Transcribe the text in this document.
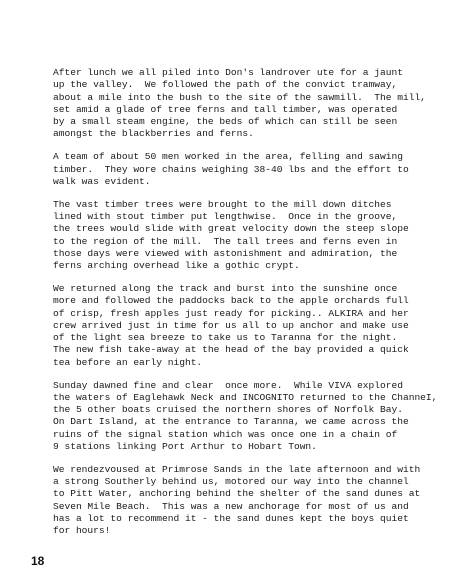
After lunch we all piled into Don's landrover ute for a jaunt
up the valley.  We followed the path of the convict tramway,
about a mile into the bush to the site of the sawmill.  The mill,
set amid a glade of tree ferns and tall timber, was operated
by a small steam engine, the beds of which can still be seen
amongst the blackberries and ferns.
A team of about 50 men worked in the area, felling and sawing
timber.  They wore chains weighing 38-40 lbs and the effort to
walk was evident.
The vast timber trees were brought to the mill down ditches
lined with stout timber put lengthwise.  Once in the groove,
the trees would slide with great velocity down the steep slope
to the region of the mill.  The tall trees and ferns even in
those days were viewed with astonishment and admiration, the
ferns arching overhead like a gothic crypt.
We returned along the track and burst into the sunshine once
more and followed the paddocks back to the apple orchards full
of crisp, fresh apples just ready for picking.. ALKIRA and her
crew arrived just in time for us all to up anchor and make use
of the light sea breeze to take us to Taranna for the night.
The new fish take-away at the head of the bay provided a quick
tea before an early night.
Sunday dawned fine and clear  once more.  While VIVA explored
the waters of Eaglehawk Neck and INCOGNITO returned to the ChanneI,
the 5 other boats cruised the northern shores of Norfolk Bay.
On Dart Island, at the entrance to Taranna, we came across the
ruins of the signal station which was once one in a chain of
9 stations linking Port Arthur to Hobart Town.
We rendezvoused at Primrose Sands in the late afternoon and with
a strong Southerly behind us, motored our way into the channel
to Pitt Water, anchoring behind the shelter of the sand dunes at
Seven Mile Beach.  This was a new anchorage for most of us and
has a lot to recommend it - the sand dunes kept the boys quiet
for hours!
18
